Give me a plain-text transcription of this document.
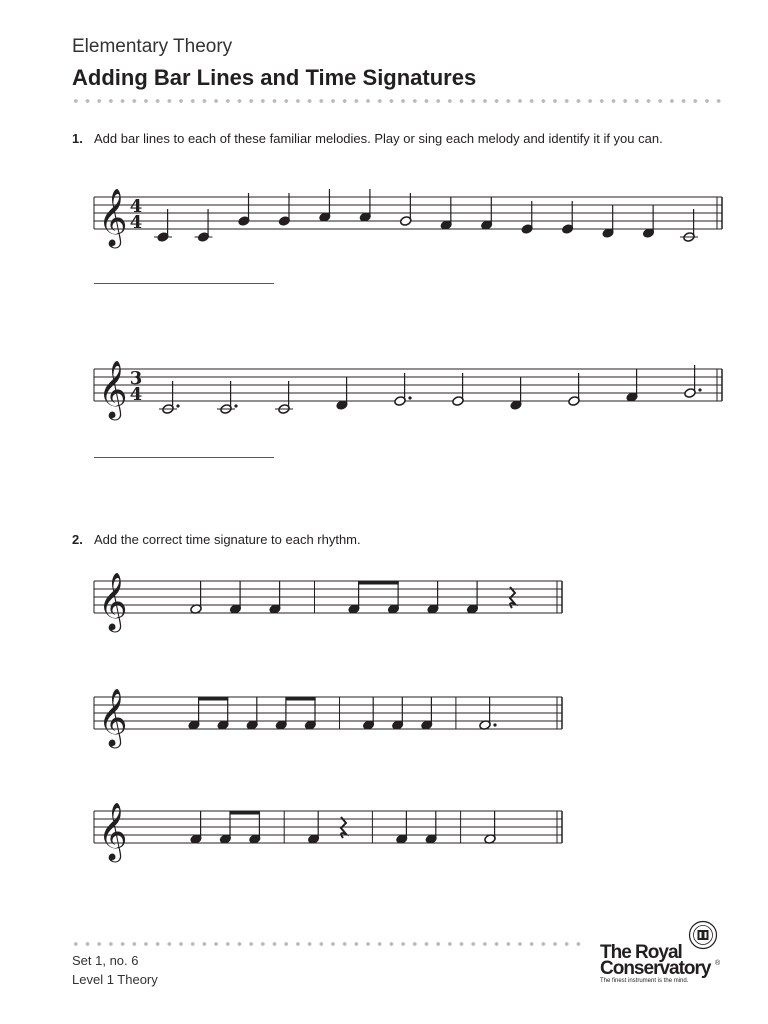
Elementary Theory
Adding Bar Lines and Time Signatures
1. Add bar lines to each of these familiar melodies. Play or sing each melody and identify it if you can.
𝄞 4
4
𝄞 3
4
2. Add the correct time signature to each rhythm.
𝄞
𝄞
𝄞
Set 1, no. 6
Level 1 Theory
The Royal
Conservatory ®
The finest instrument is the mind.
